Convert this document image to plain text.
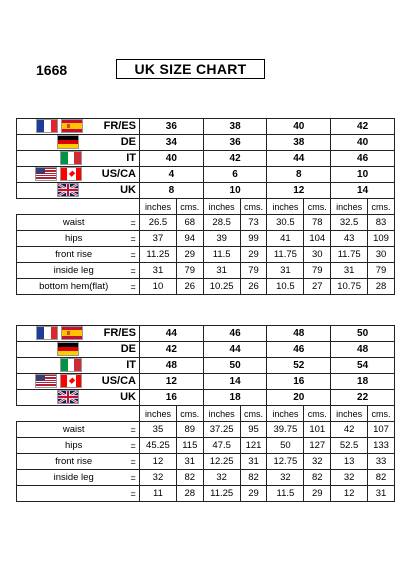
1668	UK SIZE CHART
FR/ES		36		38		40		42	

DE		34		36		38		40	

IT		40		42		44		46	

US/CA		4		6		8		10	

UK		8		10		12		14	
		inches	cms.	inches	cms.	inches	cms.	inches	cms.
waist	=	26.5	68	28.5	73	30.5	78	32.5	83
hips	=	37	94	39	99	41	104	43	109
front rise	=	11.25	29	11.5	29	11.75	30	11.75	30
inside leg	=	31	79	31	79	31	79	31	79
bottom hem(flat)	=	10	26	10.25	26	10.5	27	10.75	28
FR/ES		44		46		48		50	

DE		42		44		46		48	

IT		48		50		52		54	

US/CA		12		14		16		18	

UK		16		18		20		22	
		inches	cms.	inches	cms.	inches	cms.	inches	cms.
waist	=	35	89	37.25	95	39.75	101	42	107
hips	=	45.25	115	47.5	121	50	127	52.5	133
front rise	=	12	31	12.25	31	12.75	32	13	33
inside leg	=	32	82	32	82	32	82	32	82
	=	11	28	11.25	29	11.5	29	12	31
